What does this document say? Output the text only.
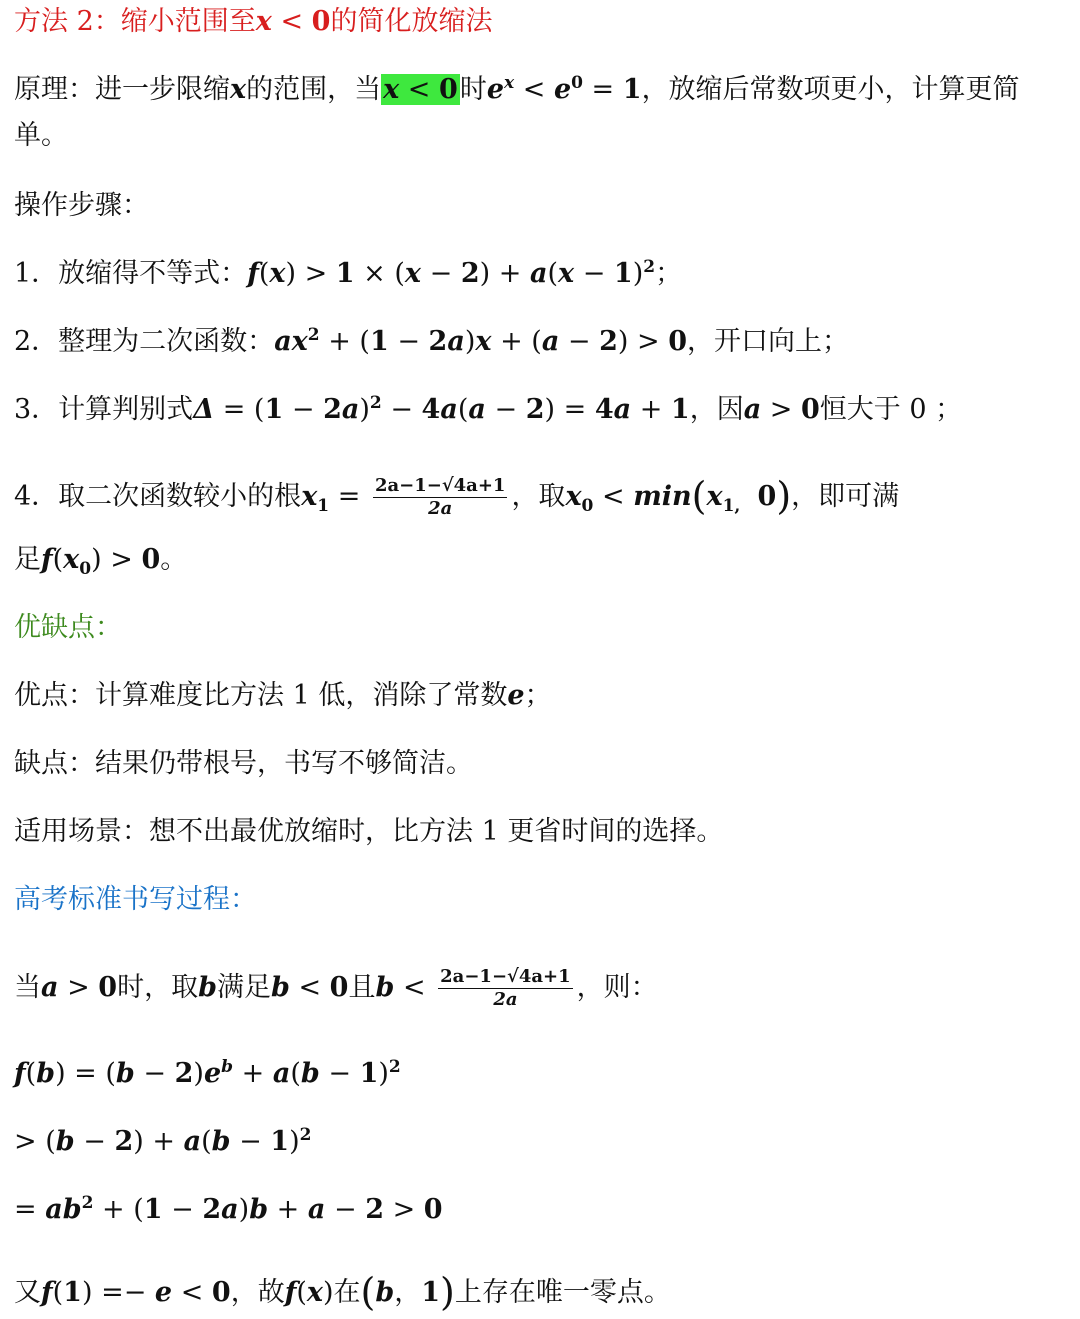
方法 2：缩小范围至x < 0的简化放缩法
原理：进一步限缩x的范围，当x < 0时$e^x < e^0 = 1$，放缩后常数项更小，计算更简
单。
操作步骤：
1．放缩得不等式：$f(x) > 1 \times (x - 2) + a(x - 1)^2$；
2．整理为二次函数：$ax^2 + (1 - 2a)x + (a - 2) > 0$，开口向上；
3．计算判别式$\Delta = (1 - 2a)^2 - 4a(a - 2) = 4a + 1$，因a > 0恒大于 0 ；
4．取二次函数较小的根$x_1 = \frac{2a-1-√4a+1}{2a}$ ，取$x_0 < \min(x_{1,}$ 0)，即可满
足$f(x_0) > 0$。
优缺点：
优点：计算难度比方法 1 低，消除了常数e；
缺点：结果仍带根号，书写不够简洁。
适用场景：想不出最优放缩时，比方法 1 更省时间的选择。
高考标准书写过程：
当a > 0时，取b满足b < 0且$b < \frac{2a-1-√4a+1}{2a}$ ，则：
$f(b) = (b - 2)e^b + a(b - 1)^2$
> $(b - 2) + a(b - 1)^2$
= $ab^2 + (1 - 2a)b + a - 2 > 0$
又f(1) =− e < 0，故f(x)在(b，1)上存在唯一零点。
